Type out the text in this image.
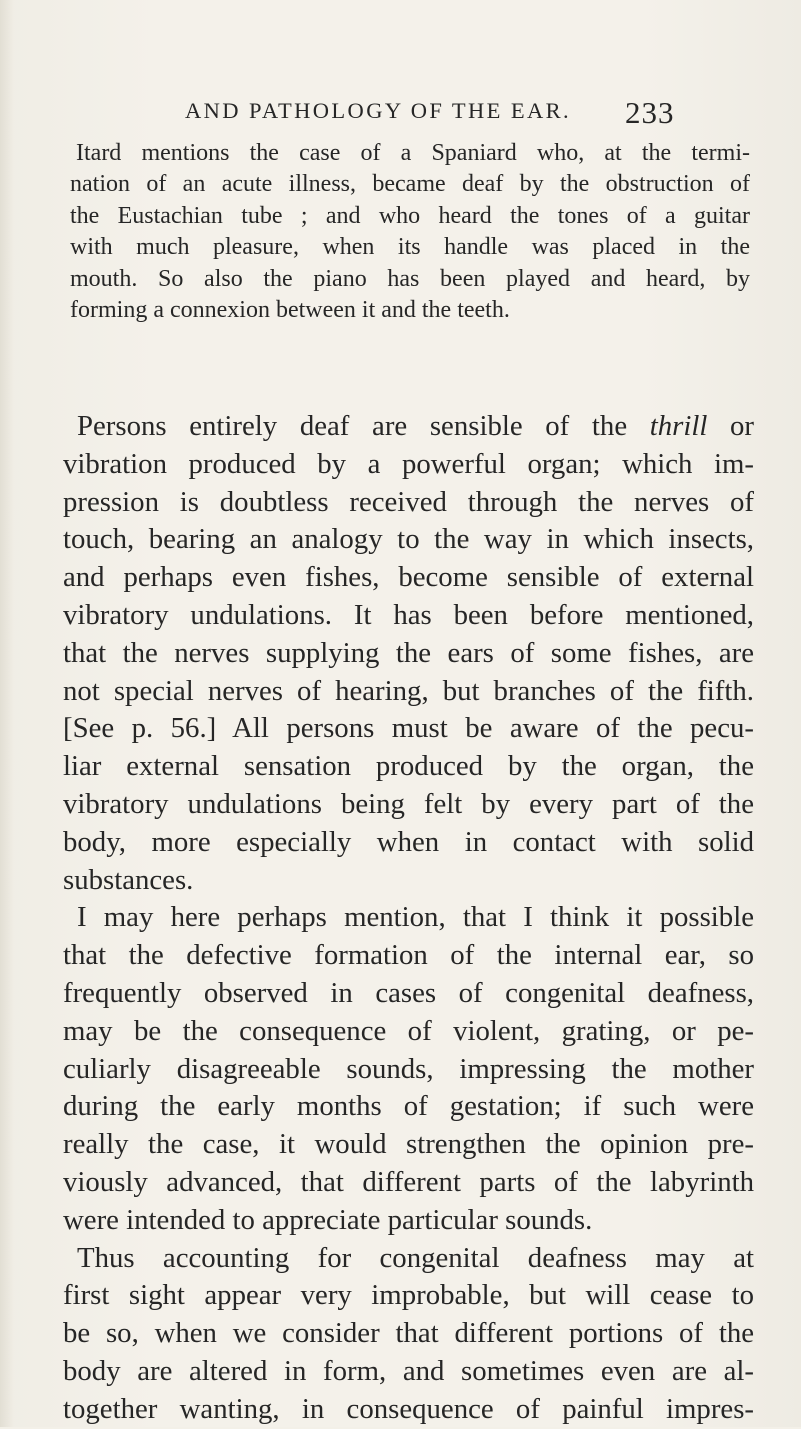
AND PATHOLOGY OF THE EAR. 233
Itard mentions the case of a Spaniard who, at the termi-
nation of an acute illness, became deaf by the obstruction of
the Eustachian tube ; and who heard the tones of a guitar
with much pleasure, when its handle was placed in the
mouth. So also the piano has been played and heard, by
forming a connexion between it and the teeth.
Persons entirely deaf are sensible of the thrill or
vibration produced by a powerful organ; which im-
pression is doubtless received through the nerves of
touch, bearing an analogy to the way in which insects,
and perhaps even fishes, become sensible of external
vibratory undulations. It has been before mentioned,
that the nerves supplying the ears of some fishes, are
not special nerves of hearing, but branches of the fifth.
[See p. 56.] All persons must be aware of the pecu-
liar external sensation produced by the organ, the
vibratory undulations being felt by every part of the
body, more especially when in contact with solid
substances.
I may here perhaps mention, that I think it possible
that the defective formation of the internal ear, so
frequently observed in cases of congenital deafness,
may be the consequence of violent, grating, or pe-
culiarly disagreeable sounds, impressing the mother
during the early months of gestation; if such were
really the case, it would strengthen the opinion pre-
viously advanced, that different parts of the labyrinth
were intended to appreciate particular sounds.
Thus accounting for congenital deafness may at
first sight appear very improbable, but will cease to
be so, when we consider that different portions of the
body are altered in form, and sometimes even are al-
together wanting, in consequence of painful impres-
